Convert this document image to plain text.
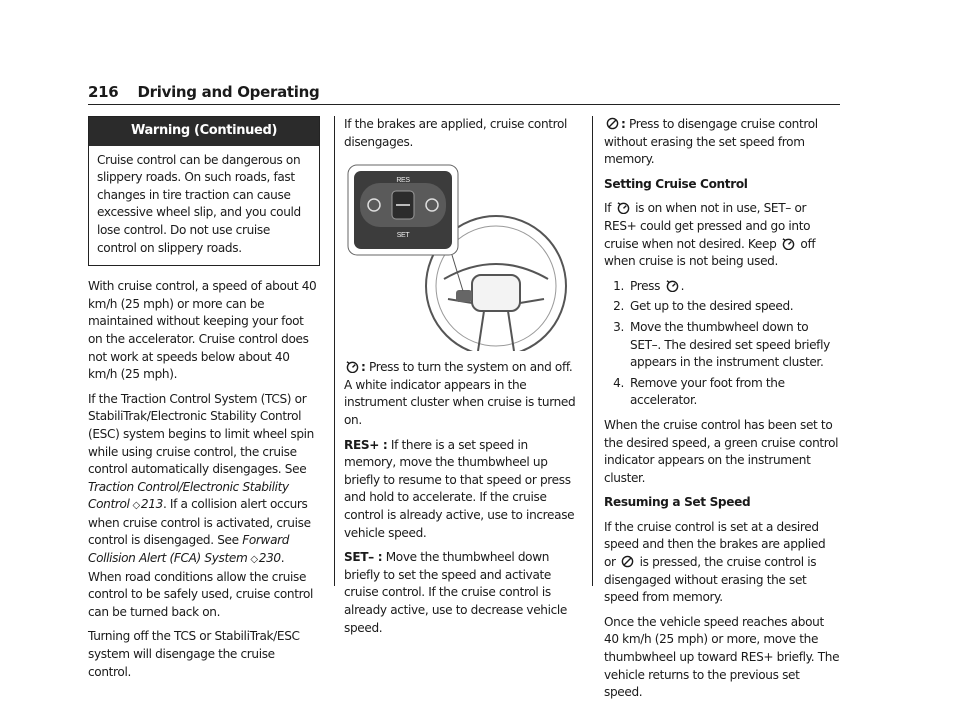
216 Driving and Operating
Warning (Continued)
Cruise control can be dangerous on slippery roads. On such roads, fast changes in tire traction can cause excessive wheel slip, and you could lose control. Do not use cruise control on slippery roads.

With cruise control, a speed of about 40 km/h (25 mph) or more can be maintained without keeping your foot on the accelerator. Cruise control does not work at speeds below about 40 km/h (25 mph).

If the Traction Control System (TCS) or StabiliTrak/Electronic Stability Control (ESC) system begins to limit wheel spin while using cruise control, the cruise control automatically disengages. See Traction Control/Electronic Stability Control ◇213. If a collision alert occurs when cruise control is activated, cruise control is disengaged. See Forward Collision Alert (FCA) System ◇230. When road conditions allow the cruise control to be safely used, cruise control can be turned back on.

Turning off the TCS or StabiliTrak/ESC system will disengage the cruise control.

If the brakes are applied, cruise control disengages.

RES
SET

: Press to turn the system on and off. A white indicator appears in the instrument cluster when cruise is turned on.

RES+ : If there is a set speed in memory, move the thumbwheel up briefly to resume to that speed or press and hold to accelerate. If the cruise control is already active, use to increase vehicle speed.

SET– : Move the thumbwheel down briefly to set the speed and activate cruise control. If the cruise control is already active, use to decrease vehicle speed.

: Press to disengage cruise control without erasing the set speed from memory.

Setting Cruise Control

If  is on when not in use, SET– or RES+ could get pressed and go into cruise when not desired. Keep  off when cruise is not being used.

1. Press .
2. Get up to the desired speed.
3. Move the thumbwheel down to SET–. The desired set speed briefly appears in the instrument cluster.
4. Remove your foot from the accelerator.

When the cruise control has been set to the desired speed, a green cruise control indicator appears on the instrument cluster.

Resuming a Set Speed

If the cruise control is set at a desired speed and then the brakes are applied or  is pressed, the cruise control is disengaged without erasing the set speed from memory.

Once the vehicle speed reaches about 40 km/h (25 mph) or more, move the thumbwheel up toward RES+ briefly. The vehicle returns to the previous set speed.
